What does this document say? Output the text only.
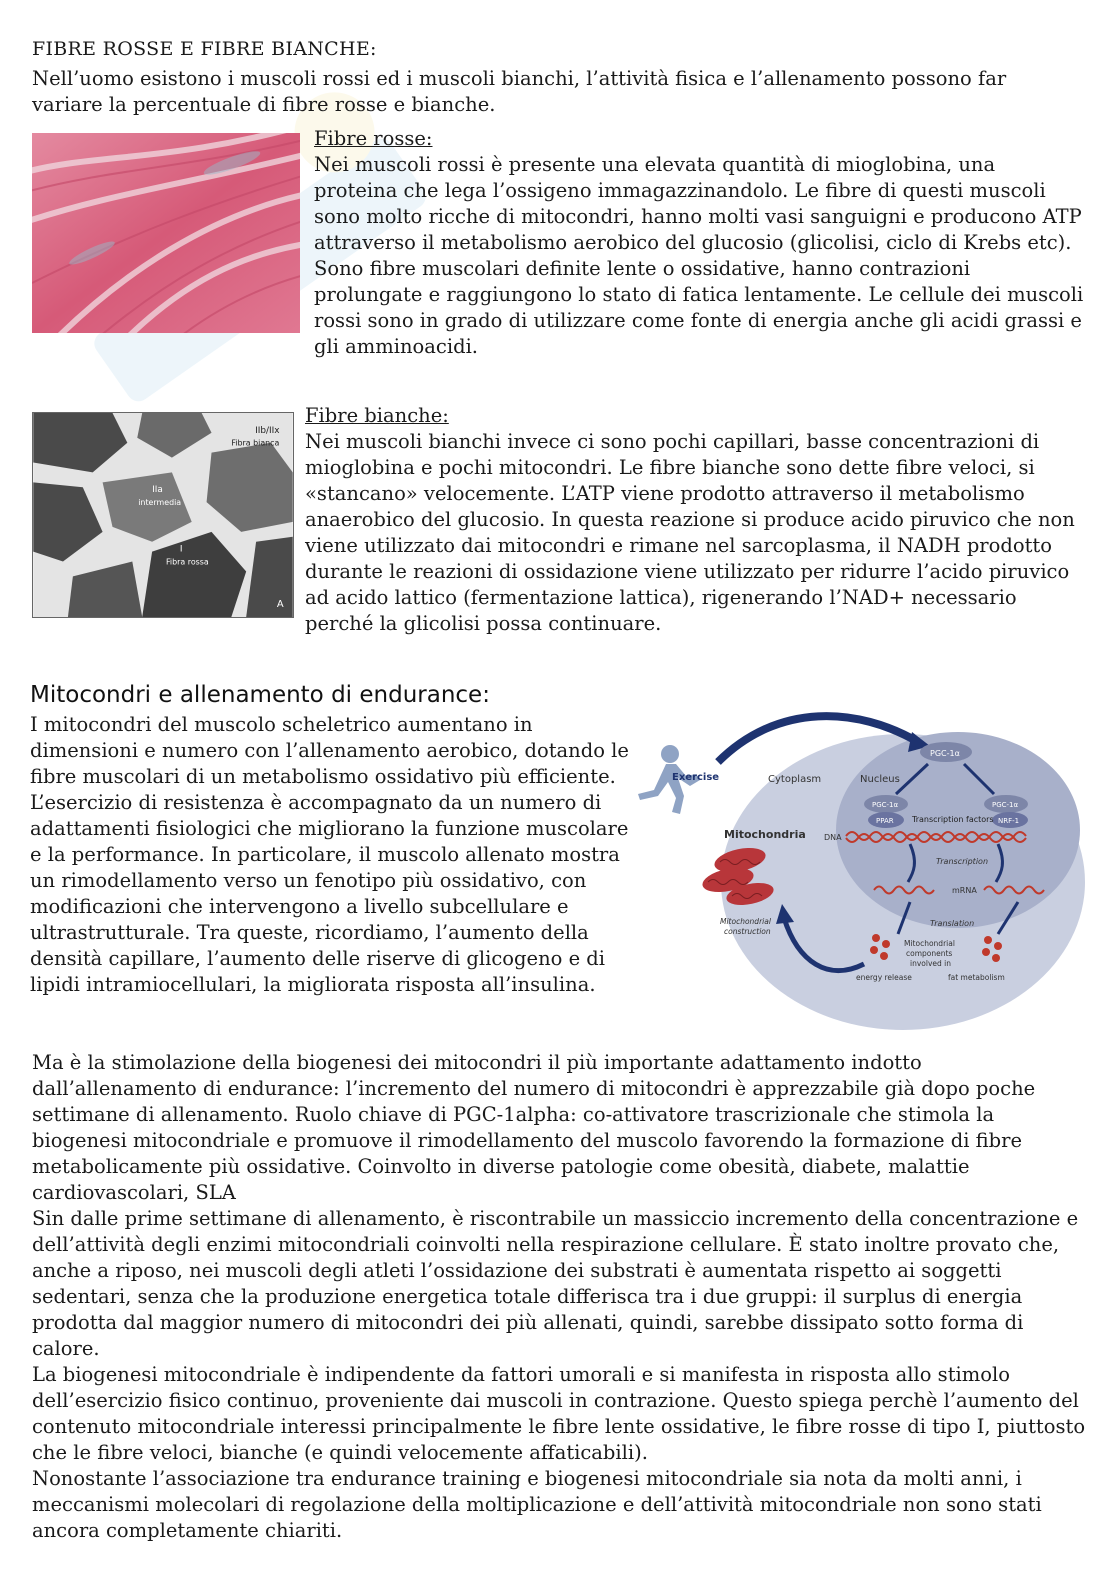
FIBRE ROSSE E FIBRE BIANCHE:

Nell’uomo esistono i muscoli rossi ed i muscoli bianchi, l’attività fisica e l’allenamento possono far variare la percentuale di fibre rosse e bianche.

Fibre rosse:
Nei muscoli rossi è presente una elevata quantità di mioglobina, una proteina che lega l’ossigeno immagazzinandolo. Le fibre di questi muscoli sono molto ricche di mitocondri, hanno molti vasi sanguigni e producono ATP attraverso il metabolismo aerobico del glucosio (glicolisi, ciclo di Krebs etc). Sono fibre muscolari definite lente o ossidative, hanno contrazioni prolungate e raggiungono lo stato di fatica lentamente. Le cellule dei muscoli rossi sono in grado di utilizzare come fonte di energia anche gli acidi grassi e gli amminoacidi.
IIb/IIx
Fibra bianca
IIa
intermedia
I
Fibra rossa
A
Fibre bianche:
Nei muscoli bianchi invece ci sono pochi capillari, basse concentrazioni di mioglobina e pochi mitocondri. Le fibre bianche sono dette fibre veloci, si «stancano» velocemente. L’ATP viene prodotto attraverso il metabolismo anaerobico del glucosio. In questa reazione si produce acido piruvico che non viene utilizzato dai mitocondri e rimane nel sarcoplasma, il NADH prodotto durante le reazioni di ossidazione viene utilizzato per ridurre l’acido piruvico ad acido lattico (fermentazione lattica), rigenerando l’NAD+ necessario perché la glicolisi possa continuare.
Mitocondri e allenamento di endurance:

I mitocondri del muscolo scheletrico aumentano in dimensioni e numero con l’allenamento aerobico, dotando le fibre muscolari di un metabolismo ossidativo più efficiente.

L’esercizio di resistenza è accompagnato da un numero di adattamenti fisiologici che migliorano la funzione muscolare e la performance. In particolare, il muscolo allenato mostra un rimodellamento verso un fenotipo più ossidativo, con modificazioni che intervengono a livello subcellulare e ultrastrutturale. Tra queste, ricordiamo, l’aumento della densità capillare, l’aumento delle riserve di glicogeno e di lipidi intramiocellulari, la migliorata risposta all’insulina.

Exercise	Cytoplasm	Nucleus
PGC-1α
PGC-1α
PPAR
PGC-1α
NRF-1
Transcription factors
DNA
Mitochondria
Transcription
mRNA
Translation
Mitochondrial
construction
Mitochondrial
components
involved in
energy release	fat metabolism

Ma è la stimolazione della biogenesi dei mitocondri il più importante adattamento indotto dall’allenamento di endurance: l’incremento del numero di mitocondri è apprezzabile già dopo poche settimane di allenamento. Ruolo chiave di PGC-1alpha: co-attivatore trascrizionale che stimola la biogenesi mitocondriale e promuove il rimodellamento del muscolo favorendo la formazione di fibre metabolicamente più ossidative. Coinvolto in diverse patologie come obesità, diabete, malattie cardiovascolari, SLA

Sin dalle prime settimane di allenamento, è riscontrabile un massiccio incremento della concentrazione e dell’attività degli enzimi mitocondriali coinvolti nella respirazione cellulare. È stato inoltre provato che, anche a riposo, nei muscoli degli atleti l’ossidazione dei substrati è aumentata rispetto ai soggetti sedentari, senza che la produzione energetica totale differisca tra i due gruppi: il surplus di energia prodotta dal maggior numero di mitocondri dei più allenati, quindi, sarebbe dissipato sotto forma di calore.

La biogenesi mitocondriale è indipendente da fattori umorali e si manifesta in risposta allo stimolo dell’esercizio fisico continuo, proveniente dai muscoli in contrazione. Questo spiega perchè l’aumento del contenuto mitocondriale interessi principalmente le fibre lente ossidative, le fibre rosse di tipo I, piuttosto che le fibre veloci, bianche (e quindi velocemente affaticabili).

Nonostante l’associazione tra endurance training e biogenesi mitocondriale sia nota da molti anni, i meccanismi molecolari di regolazione della moltiplicazione e dell’attività mitocondriale non sono stati ancora completamente chiariti.
